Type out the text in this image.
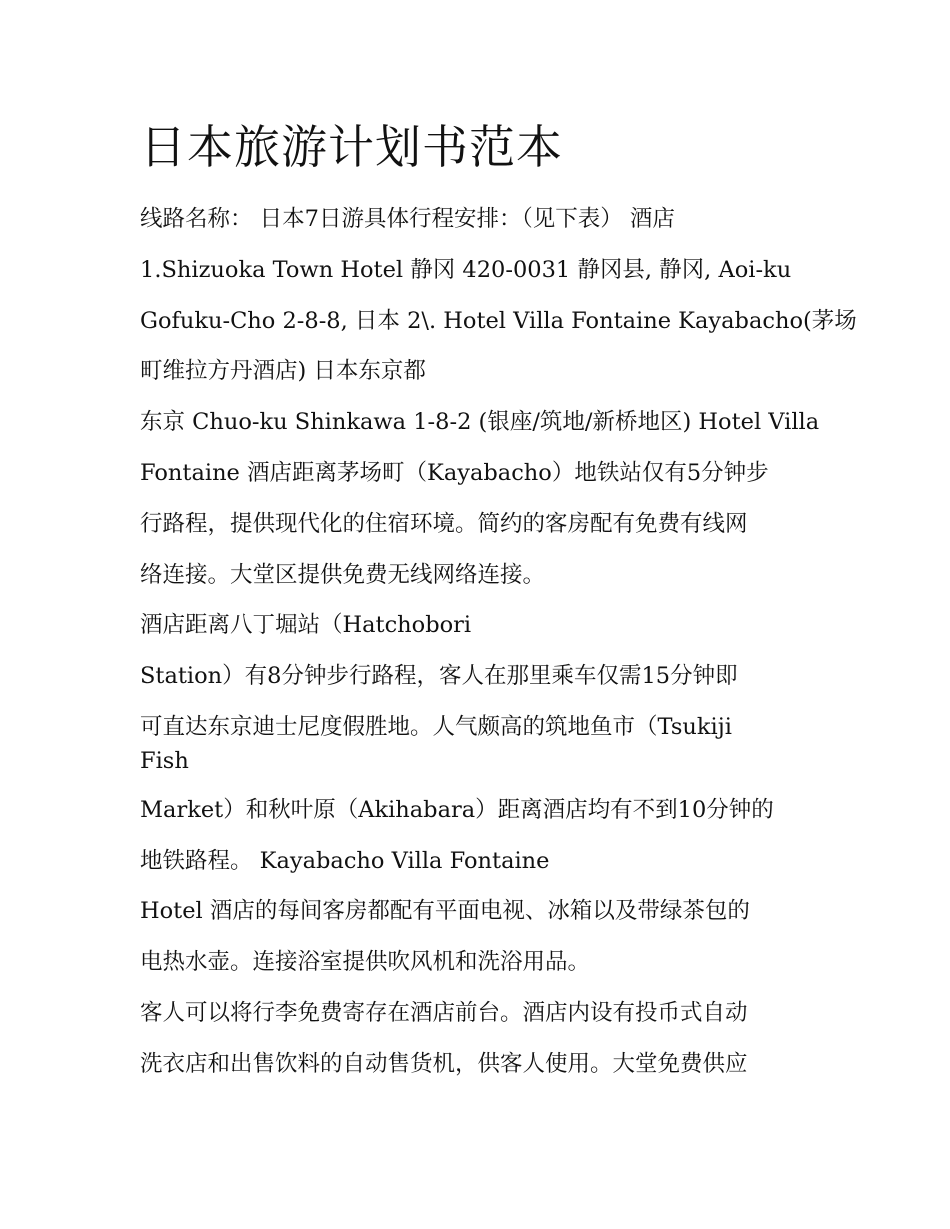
日本旅游计划书范本
线路名称： 日本7日游具体行程安排：（见下表） 酒店
1.Shizuoka Town Hotel 静冈 420-0031 静冈县, 静冈, Aoi-ku
Gofuku-Cho 2-8-8, 日本 2\. Hotel Villa Fontaine Kayabacho(茅场
町维拉方丹酒店) 日本东京都
东京 Chuo-ku Shinkawa 1-8-2 (银座/筑地/新桥地区) Hotel Villa
Fontaine 酒店距离茅场町（Kayabacho）地铁站仅有5分钟步
行路程，提供现代化的住宿环境。简约的客房配有免费有线网
络连接。大堂区提供免费无线网络连接。
酒店距离八丁堀站（Hatchobori
Station）有8分钟步行路程，客人在那里乘车仅需15分钟即
可直达东京迪士尼度假胜地。人气颇高的筑地鱼市（Tsukiji
Fish
Market）和秋叶原（Akihabara）距离酒店均有不到10分钟的
地铁路程。 Kayabacho Villa Fontaine
Hotel 酒店的每间客房都配有平面电视、冰箱以及带绿茶包的
电热水壶。连接浴室提供吹风机和洗浴用品。
客人可以将行李免费寄存在酒店前台。酒店内设有投币式自动
洗衣店和出售饮料的自动售货机，供客人使用。大堂免费供应
